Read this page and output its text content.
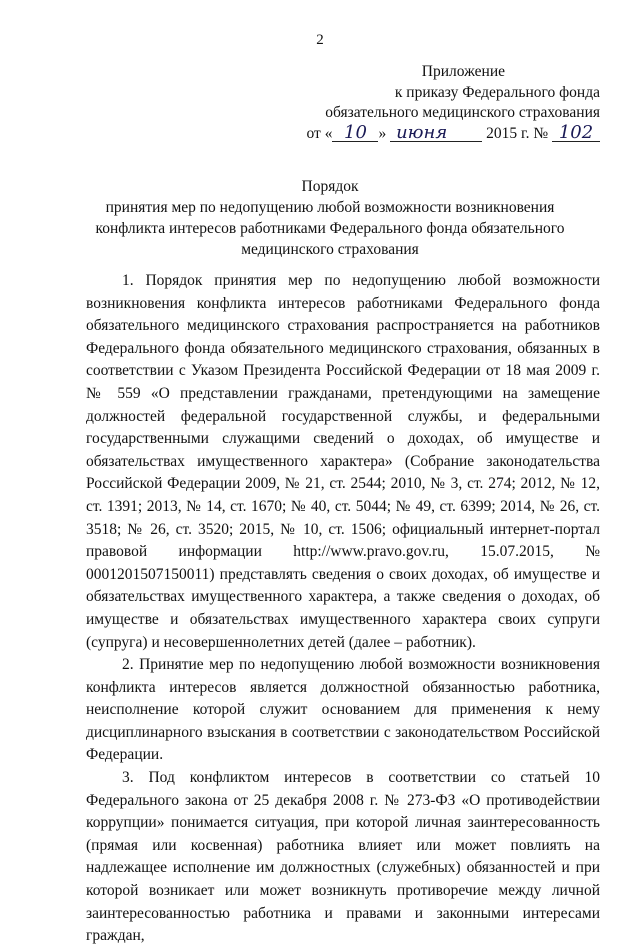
2
Приложение
к приказу Федерального фонда
обязательного медицинского страхования
от « 10 » июня	2015 г. № 102
Порядок
принятия мер по недопущению любой возможности возникновения конфликта интересов работниками Федерального фонда обязательного медицинского страхования

1. Порядок принятия мер по недопущению любой возможности возникновения конфликта интересов работниками Федерального фонда обязательного медицинского страхования распространяется на работников Федерального фонда обязательного медицинского страхования, обязанных в соответствии с Указом Президента Российской Федерации от 18 мая 2009 г. № 559 «О представлении гражданами, претендующими на замещение должностей федеральной государственной службы, и федеральными государственными служащими сведений о доходах, об имуществе и обязательствах имущественного характера» (Собрание законодательства Российской Федерации 2009, № 21, ст. 2544; 2010, № 3, ст. 274; 2012, № 12, ст. 1391; 2013, № 14, ст. 1670; № 40, ст. 5044; № 49, ст. 6399; 2014, № 26, ст. 3518; № 26, ст. 3520; 2015, № 10, ст. 1506; официальный интернет-портал правовой информации http://www.pravo.gov.ru, 15.07.2015, № 0001201507150011) представлять сведения о своих доходах, об имуществе и обязательствах имущественного характера, а также сведения о доходах, об имуществе и обязательствах имущественного характера своих супруги (супруга) и несовершеннолетних детей (далее – работник).

2. Принятие мер по недопущению любой возможности возникновения конфликта интересов является должностной обязанностью работника, неисполнение которой служит основанием для применения к нему дисциплинарного взыскания в соответствии с законодательством Российской Федерации.

3. Под конфликтом интересов в соответствии со статьей 10 Федерального закона от 25 декабря 2008 г. № 273-ФЗ «О противодействии коррупции» понимается ситуация, при которой личная заинтересованность (прямая или косвенная) работника влияет или может повлиять на надлежащее исполнение им должностных (служебных) обязанностей и при которой возникает или может возникнуть противоречие между личной заинтересованностью работника и правами и законными интересами граждан,
